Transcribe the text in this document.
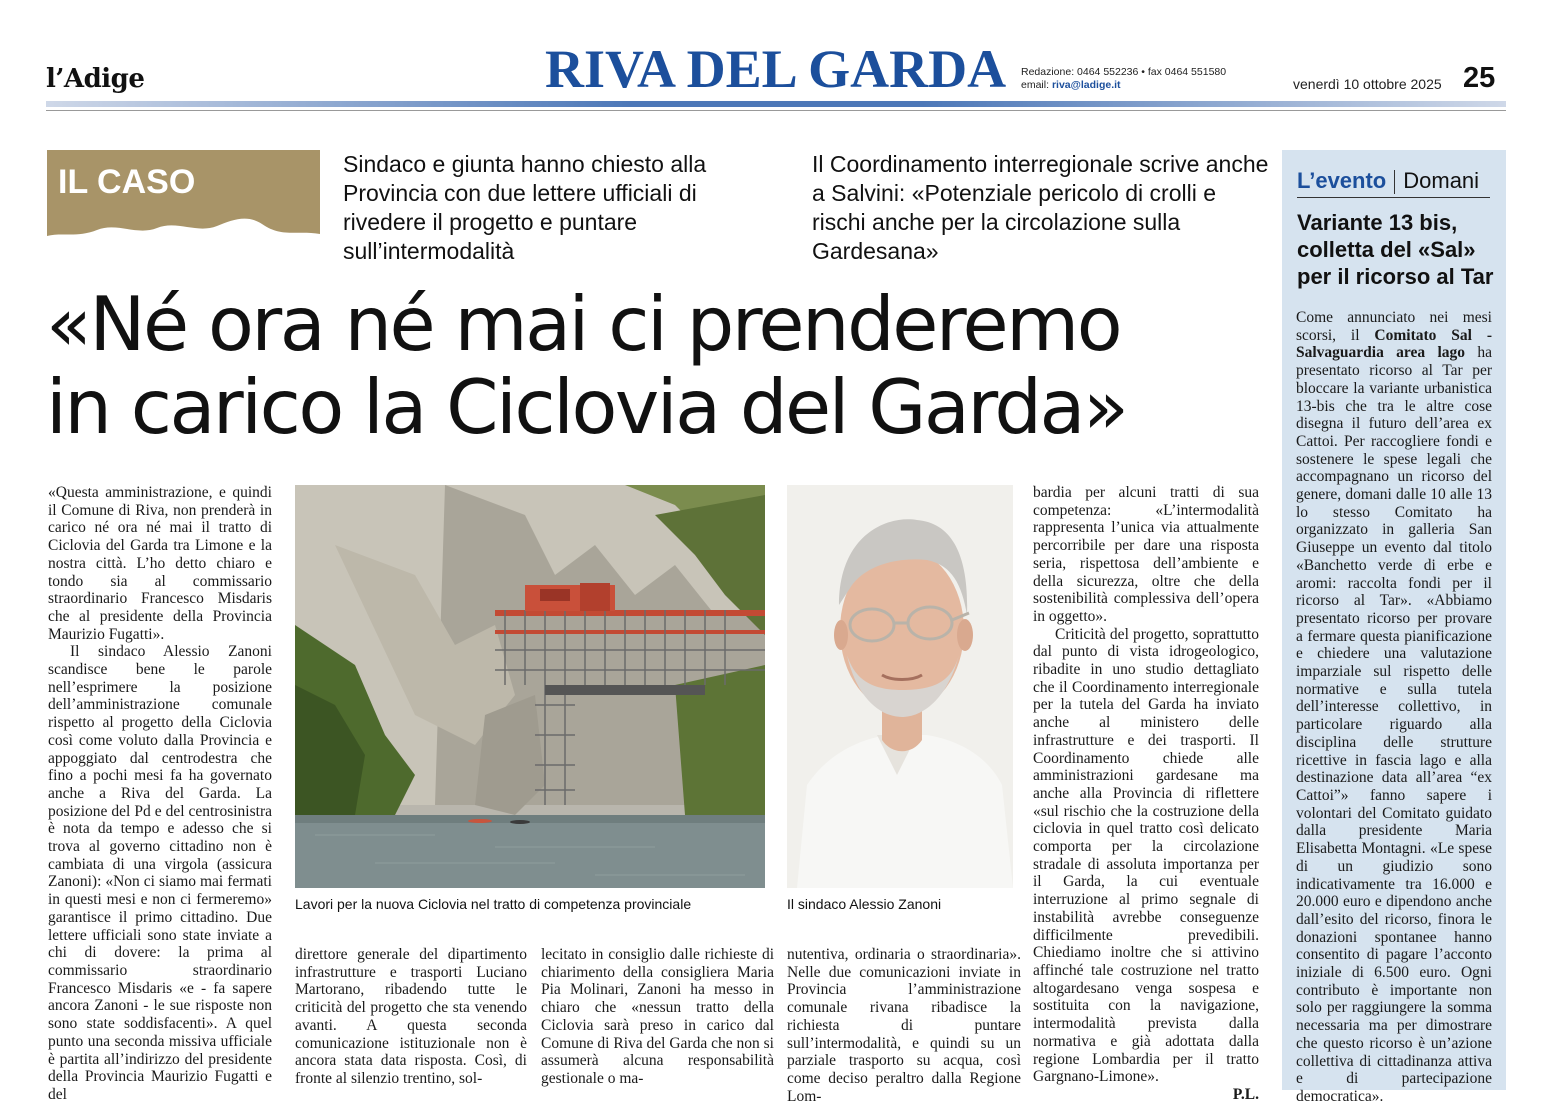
l’Adige	RIVA DEL GARDA Redazione: 0464 552236 • fax 0464 551580
email: riva@ladige.it	venerdì 10 ottobre 2025 25
IL CASO	Sindaco e giunta hanno chiesto alla Provincia con due lettere ufficiali di rivedere il progetto e puntare sull’intermodalità
Il Coordinamento interregionale scrive anche a Salvini: «Potenziale pericolo di crolli e rischi anche per la circolazione sulla Gardesana»
«Né ora né mai ci prenderemo
in carico la Ciclovia del Garda»

«Questa amministrazione, e quindi il Comune di Riva, non prenderà in carico né ora né mai il tratto di Ciclovia del Garda tra Limone e la nostra città. L’ho detto chiaro e tondo sia al commissario straordinario Francesco Misdaris che al presidente della Provincia Maurizio Fugatti».

Il sindaco Alessio Zanoni scandisce bene le parole nell’esprimere la posizione dell’amministrazione comunale rispetto al progetto della Ciclovia così come voluto dalla Provincia e appoggiato dal centrodestra che fino a pochi mesi fa ha governato anche a Riva del Garda. La posizione del Pd e del centrosinistra è nota da tempo e adesso che si trova al governo cittadino non è cambiata di una virgola (assicura Zanoni): «Non ci siamo mai fermati in questi mesi e non ci fermeremo» garantisce il primo cittadino. Due lettere ufficiali sono state inviate a chi di dovere: la prima al commissario straordinario Francesco Misdaris «e - fa sapere ancora Zanoni - le sue risposte non sono state soddisfacenti». A quel punto una seconda missiva ufficiale è partita all’indirizzo del presidente della Provincia Maurizio Fugatti e del

Lavori per la nuova Ciclovia nel tratto di competenza provinciale	Il sindaco Alessio Zanoni

direttore generale del dipartimento infrastrutture e trasporti Luciano Martorano, ribadendo tutte le criticità del progetto che sta venendo avanti. A questa seconda comunicazione istituzionale non è ancora stata data risposta. Così, di fronte al silenzio trentino, sol-

lecitato in consiglio dalle richieste di chiarimento della consigliera Maria Pia Molinari, Zanoni ha messo in chiaro che «nessun tratto della Ciclovia sarà preso in carico dal Comune di Riva del Garda che non si assumerà alcuna responsabilità gestionale o ma-

nutentiva, ordinaria o straordinaria». Nelle due comunicazioni inviate in Provincia l’amministrazione comunale rivana ribadisce la richiesta di puntare sull’intermodalità, e quindi su un parziale trasporto su acqua, così come deciso peraltro dalla Regione Lom-

bardia per alcuni tratti di sua competenza: «L’intermodalità rappresenta l’unica via attualmente percorribile per dare una risposta seria, rispettosa dell’ambiente e della sicurezza, oltre che della sostenibilità complessiva dell’opera in oggetto».

Criticità del progetto, soprattutto dal punto di vista idrogeologico, ribadite in uno studio dettagliato che il Coordinamento interregionale per la tutela del Garda ha inviato anche al ministero delle infrastrutture e dei trasporti. Il Coordinamento chiede alle amministrazioni gardesane ma anche alla Provincia di riflettere «sul rischio che la costruzione della ciclovia in quel tratto così delicato comporta per la circolazione stradale di assoluta importanza per il Garda, la cui eventuale interruzione al primo segnale di instabilità avrebbe conseguenze difficilmente prevedibili. Chiediamo inoltre che si attivino affinché tale costruzione nel tratto altogardesano venga sospesa e sostituita con la navigazione, intermodalità prevista dalla normativa e già adottata dalla regione Lombardia per il tratto Gargnano-Limone».

P.L.

L’evento Domani
Variante 13 bis, colletta del «Sal» per il ricorso al Tar
Come annunciato nei mesi scorsi, il Comitato Sal - Salvaguardia area lago ha presentato ricorso al Tar per bloccare la variante urbanistica 13-bis che tra le altre cose disegna il futuro dell’area ex Cattoi. Per raccogliere fondi e sostenere le spese legali che accompagnano un ricorso del genere, domani dalle 10 alle 13 lo stesso Comitato ha organizzato in galleria San Giuseppe un evento dal titolo «Banchetto verde di erbe e aromi: raccolta fondi per il ricorso al Tar». «Abbiamo presentato ricorso per provare a fermare questa pianificazione e chiedere una valutazione imparziale sul rispetto delle normative e sulla tutela dell’interesse collettivo, in particolare riguardo alla disciplina delle strutture ricettive in fascia lago e alla destinazione data all’area “ex Cattoi”» fanno sapere i volontari del Comitato guidato dalla presidente Maria Elisabetta Montagni. «Le spese di un giudizio sono indicativamente tra 16.000 e 20.000 euro e dipendono anche dall’esito del ricorso, finora le donazioni spontanee hanno consentito di pagare l’acconto iniziale di 6.500 euro. Ogni contributo è importante non solo per raggiungere la somma necessaria ma per dimostrare che questo ricorso è un’azione collettiva di cittadinanza attiva e di partecipazione democratica».
